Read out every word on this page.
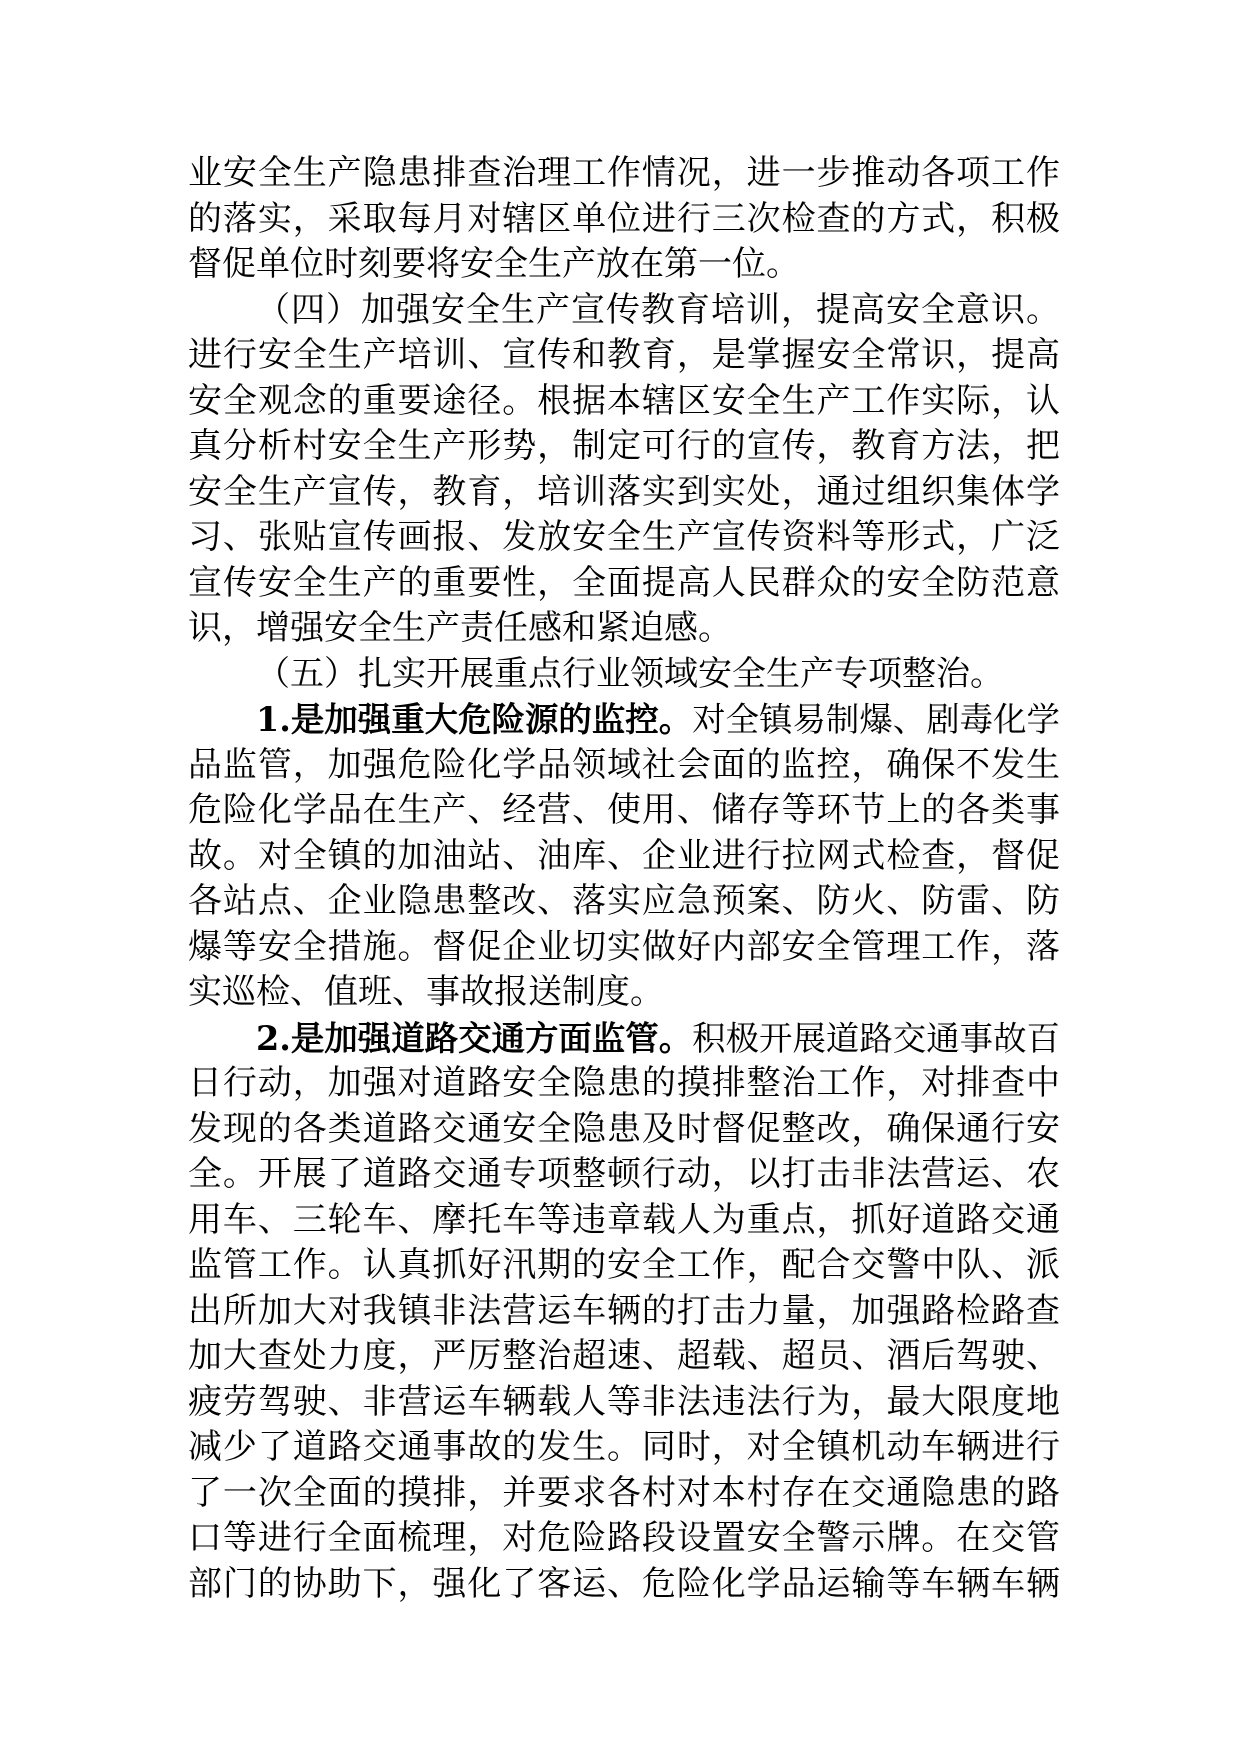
业安全生产隐患排查治理工作情况，进一步推动各项工作
的落实，采取每月对辖区单位进行三次检查的方式，积极
督促单位时刻要将安全生产放在第一位。
（四）加强安全生产宣传教育培训，提高安全意识。
进行安全生产培训、宣传和教育，是掌握安全常识，提高
安全观念的重要途径。根据本辖区安全生产工作实际，认
真分析村安全生产形势，制定可行的宣传，教育方法，把
安全生产宣传，教育，培训落实到实处，通过组织集体学
习、张贴宣传画报、发放安全生产宣传资料等形式，广泛
宣传安全生产的重要性，全面提高人民群众的安全防范意
识，增强安全生产责任感和紧迫感。
（五）扎实开展重点行业领域安全生产专项整治。
1.是加强重大危险源的监控。对全镇易制爆、剧毒化学
品监管，加强危险化学品领域社会面的监控，确保不发生
危险化学品在生产、经营、使用、储存等环节上的各类事
故。对全镇的加油站、油库、企业进行拉网式检查，督促
各站点、企业隐患整改、落实应急预案、防火、防雷、防
爆等安全措施。督促企业切实做好内部安全管理工作，落
实巡检、值班、事故报送制度。
2.是加强道路交通方面监管。积极开展道路交通事故百
日行动，加强对道路安全隐患的摸排整治工作，对排查中
发现的各类道路交通安全隐患及时督促整改，确保通行安
全。开展了道路交通专项整顿行动，以打击非法营运、农
用车、三轮车、摩托车等违章载人为重点，抓好道路交通
监管工作。认真抓好汛期的安全工作，配合交警中队、派
出所加大对我镇非法营运车辆的打击力量，加强路检路查
加大查处力度，严厉整治超速、超载、超员、酒后驾驶、
疲劳驾驶、非营运车辆载人等非法违法行为，最大限度地
减少了道路交通事故的发生。同时，对全镇机动车辆进行
了一次全面的摸排，并要求各村对本村存在交通隐患的路
口等进行全面梳理，对危险路段设置安全警示牌。在交管
部门的协助下，强化了客运、危险化学品运输等车辆车辆
